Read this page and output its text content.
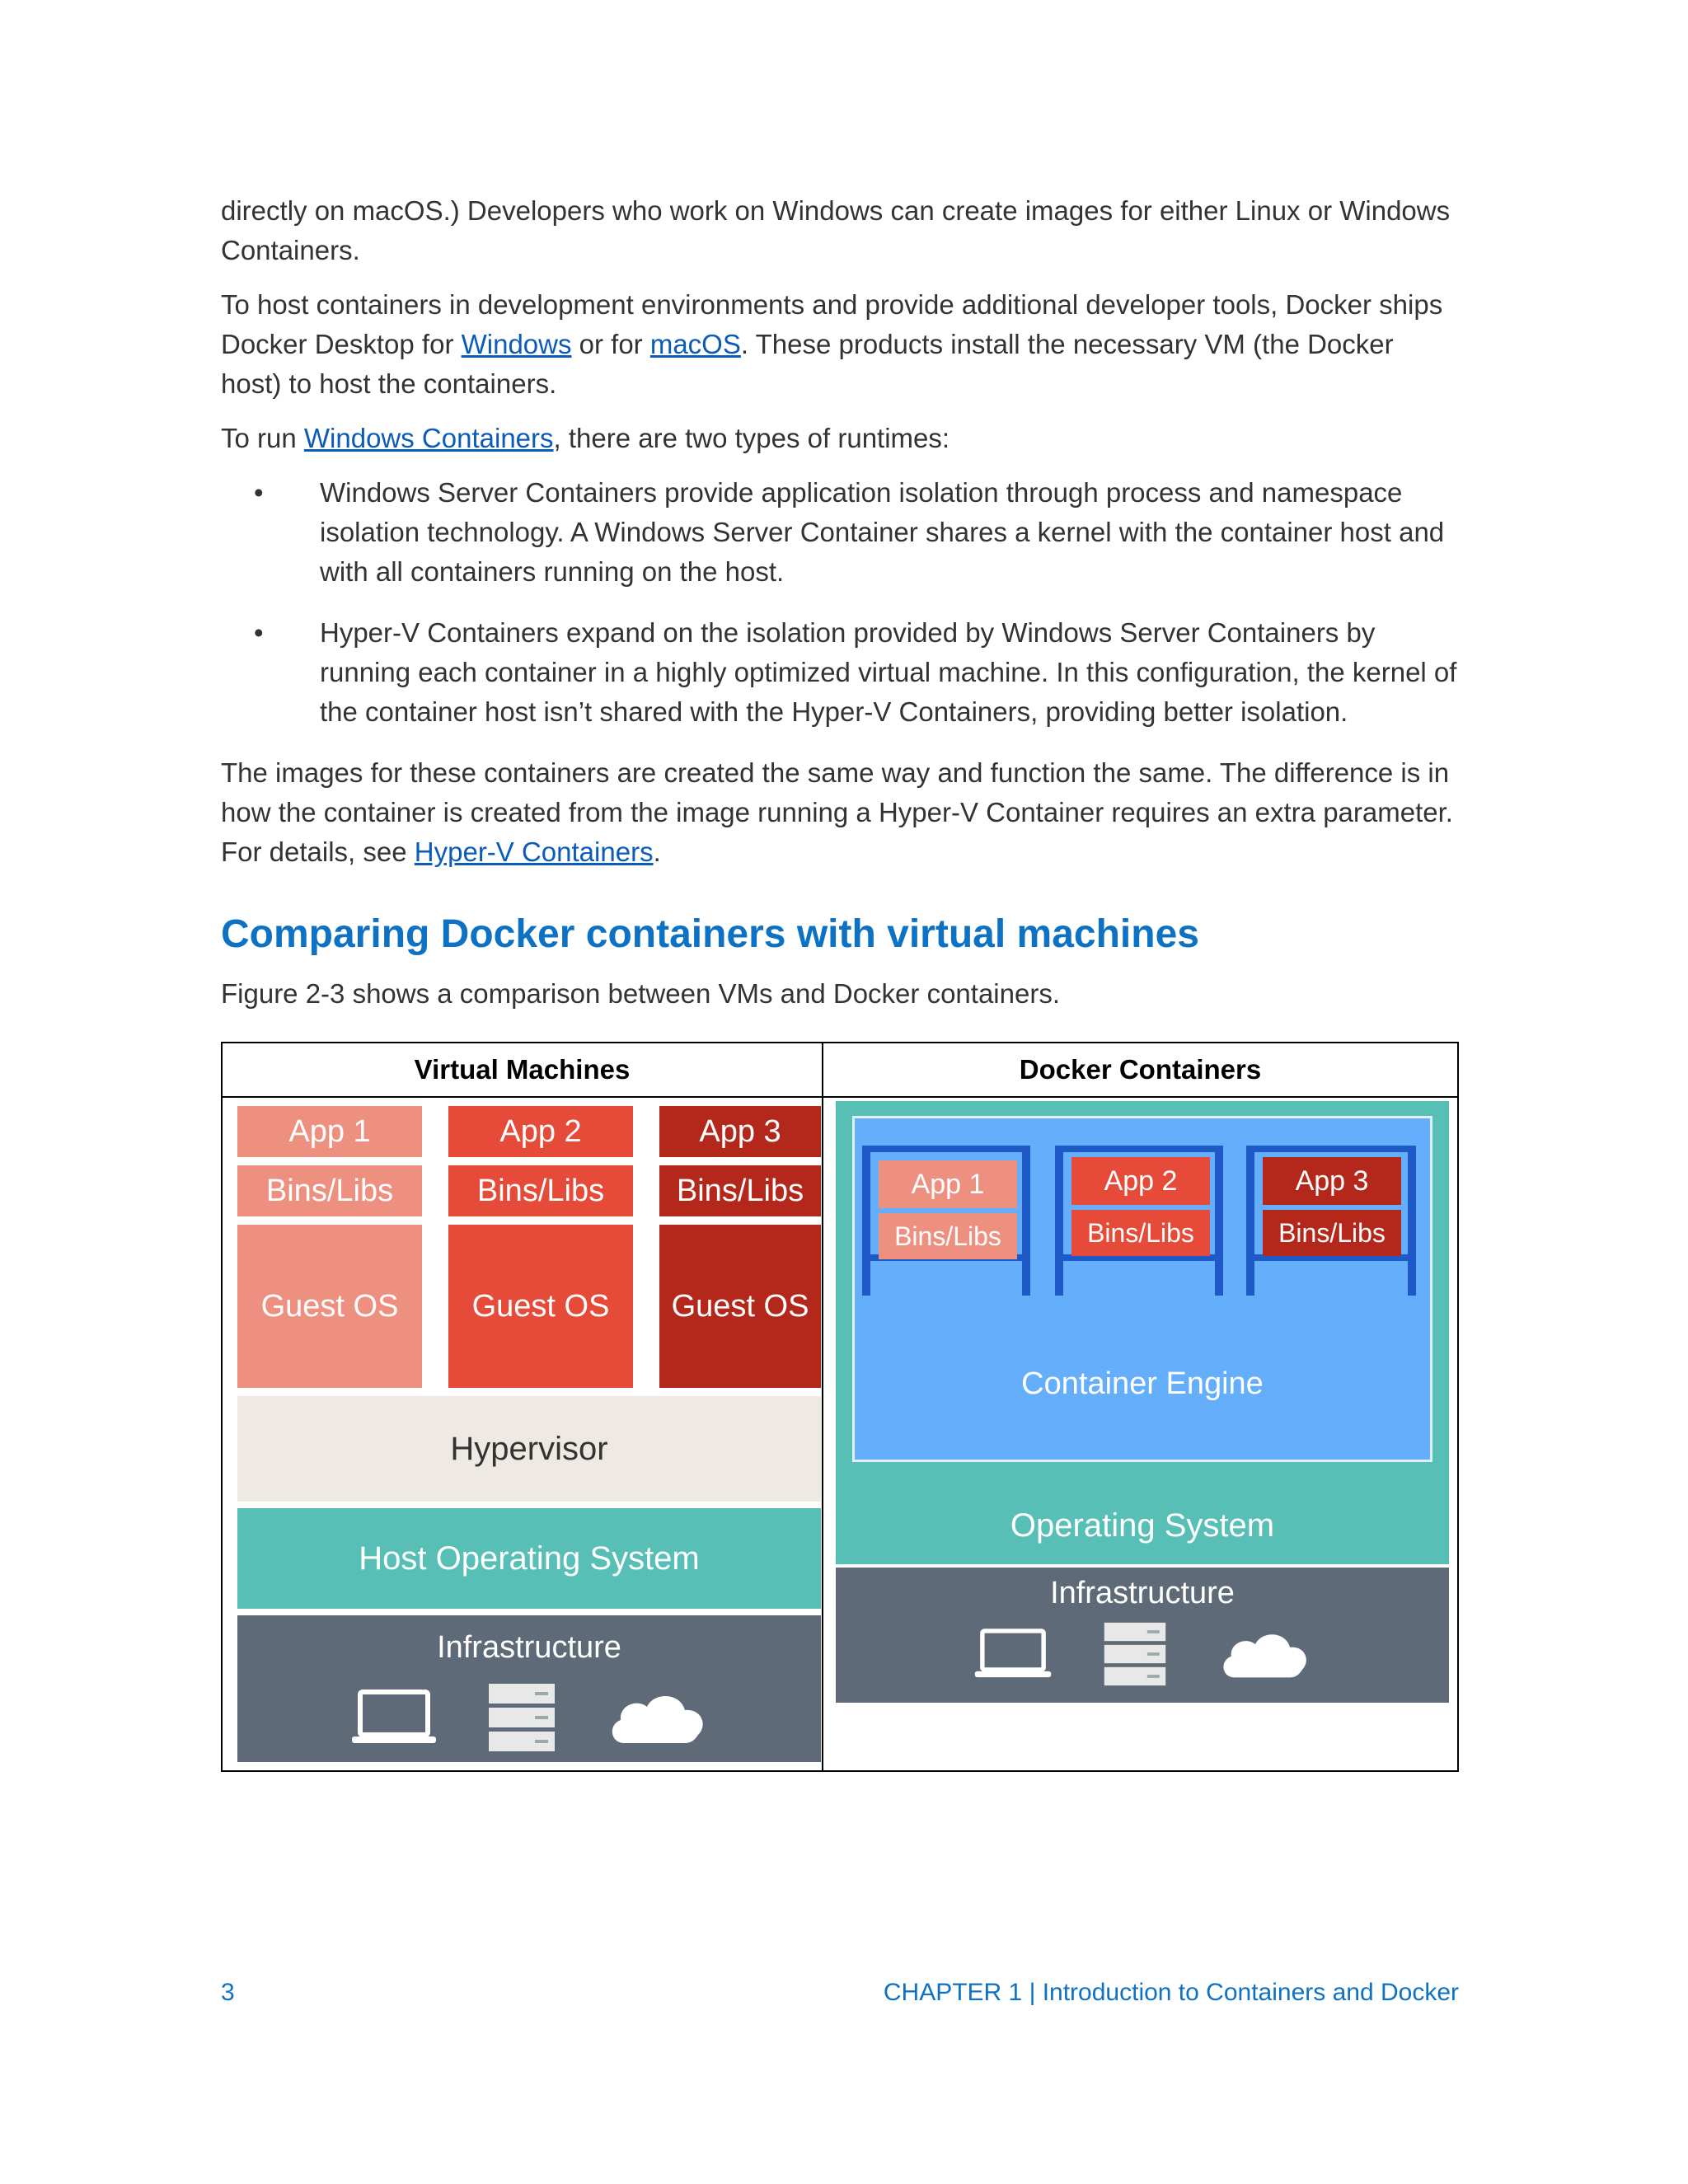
directly on macOS.) Developers who work on Windows can create images for either Linux or Windows Containers.

To host containers in development environments and provide additional developer tools, Docker ships Docker Desktop for Windows or for macOS. These products install the necessary VM (the Docker host) to host the containers.

To run Windows Containers, there are two types of runtimes:

• Windows Server Containers provide application isolation through process and namespace isolation technology. A Windows Server Container shares a kernel with the container host and with all containers running on the host.
• Hyper-V Containers expand on the isolation provided by Windows Server Containers by running each container in a highly optimized virtual machine. In this configuration, the kernel of the container host isn’t shared with the Hyper-V Containers, providing better isolation.

The images for these containers are created the same way and function the same. The difference is in how the container is created from the image running a Hyper-V Container requires an extra parameter. For details, see Hyper-V Containers.

Comparing Docker containers with virtual machines

Figure 2-3 shows a comparison between VMs and Docker containers.

Virtual Machines	Docker Containers
App 1	App 2	App 3
Bins/Libs	Bins/Libs	Bins/Libs
Guest OS	Guest OS	Guest OS
Hypervisor
Host Operating System
Infrastructure
Operating System
Container Engine
App 1
Bins/Libs
App 2
Bins/Libs
App 3
Bins/Libs
Infrastructure
3	CHAPTER 1 | Introduction to Containers and Docker
